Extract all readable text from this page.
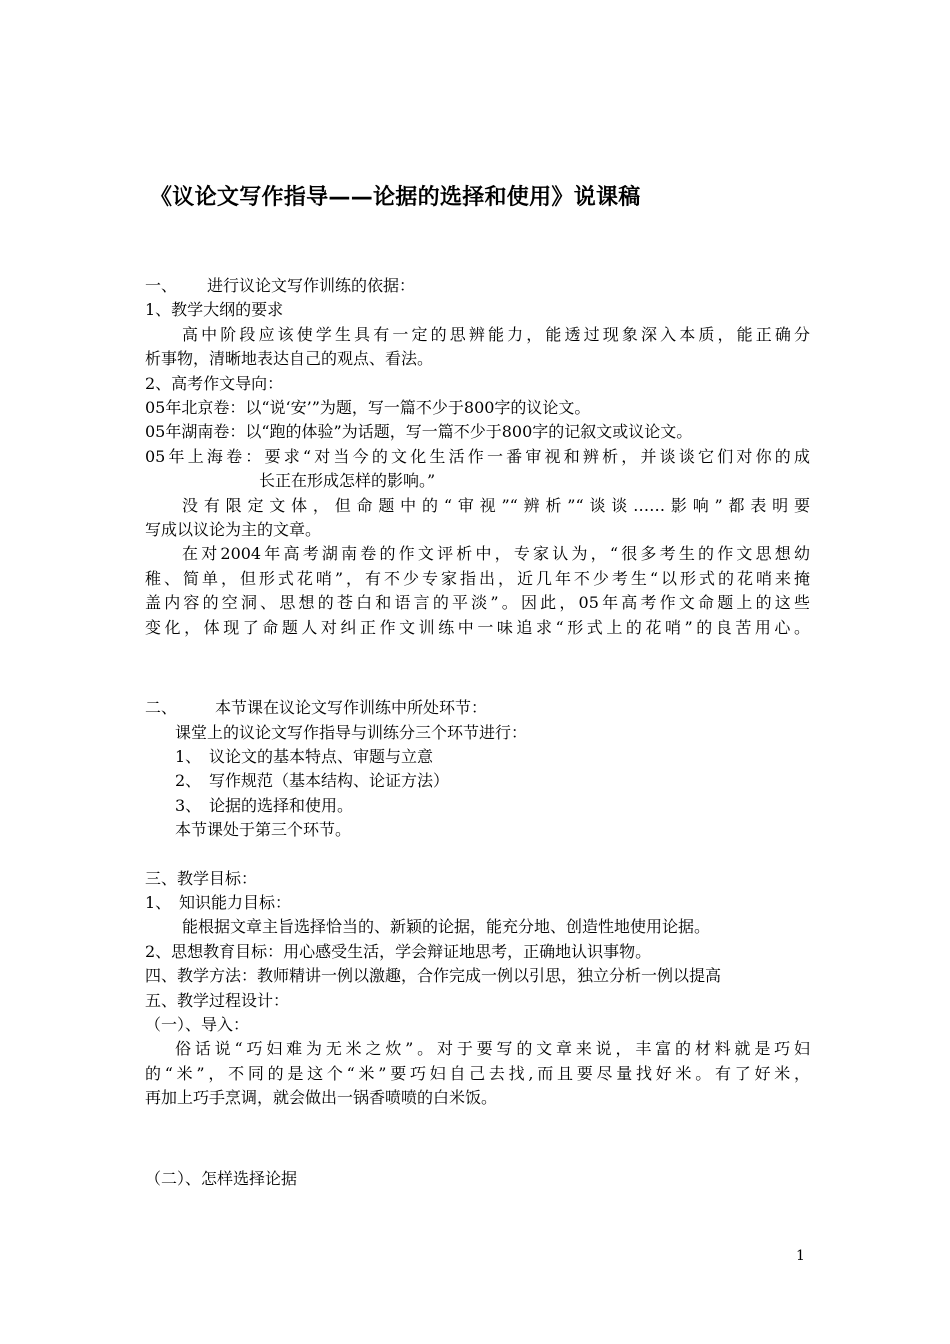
《议论文写作指导——论据的选择和使用》说课稿
一、 进行议论文写作训练的依据：
1、教学大纲的要求
高中阶段应该使学生具有一定的思辨能力，能透过现象深入本质，能正确分
析事物，清晰地表达自己的观点、看法。
2、高考作文导向：
05年北京卷：以“说‘安’”为题，写一篇不少于800字的议论文。
05年湖南卷：以“跑的体验”为话题，写一篇不少于800字的记叙文或议论文。
05年上海卷：要求“对当今的文化生活作一番审视和辨析，并谈谈它们对你的成
长正在形成怎样的影响。”
没有限定文体，但命题中的“审视”“辨析”“谈谈……影响”都表明要
写成以议论为主的文章。
在对2004年高考湖南卷的作文评析中，专家认为，“很多考生的作文思想幼
稚、简单，但形式花哨”，有不少专家指出，近几年不少考生“以形式的花哨来掩
盖内容的空洞、思想的苍白和语言的平淡”。因此，05年高考作文命题上的这些
变化，体现了命题人对纠正作文训练中一味追求“形式上的花哨”的良苦用心。
二、 本节课在议论文写作训练中所处环节：
课堂上的议论文写作指导与训练分三个环节进行：
1、 议论文的基本特点、审题与立意
2、 写作规范（基本结构、论证方法）
3、 论据的选择和使用。
本节课处于第三个环节。
三、教学目标：
1、 知识能力目标：
能根据文章主旨选择恰当的、新颖的论据，能充分地、创造性地使用论据。
2、思想教育目标：用心感受生活，学会辩证地思考，正确地认识事物。
四、教学方法：教师精讲一例以激趣，合作完成一例以引思，独立分析一例以提高
五、教学过程设计：
（一）、导入：
俗话说“巧妇难为无米之炊”。对于要写的文章来说，丰富的材料就是巧妇
的“米”，不同的是这个“米”要巧妇自己去找,而且要尽量找好米。有了好米，
再加上巧手烹调，就会做出一锅香喷喷的白米饭。
（二）、怎样选择论据
1
